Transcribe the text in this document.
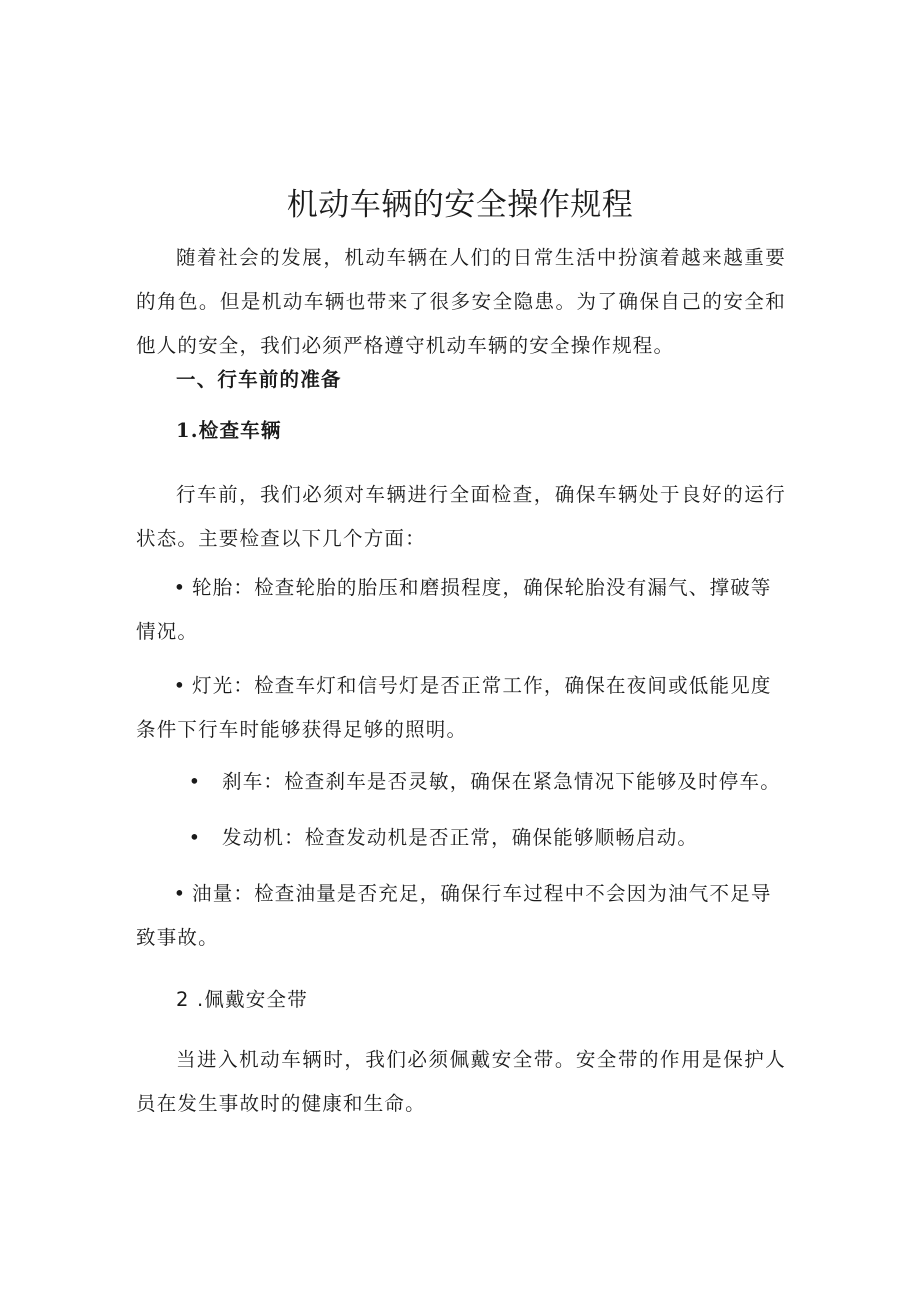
机动车辆的安全操作规程

随着社会的发展，机动车辆在人们的日常生活中扮演着越来越重要的角色。但是机动车辆也带来了很多安全隐患。为了确保自己的安全和他人的安全，我们必须严格遵守机动车辆的安全操作规程。

一、行车前的准备

1.检查车辆

行车前，我们必须对车辆进行全面检查，确保车辆处于良好的运行状态。主要检查以下几个方面：

• 轮胎：检查轮胎的胎压和磨损程度，确保轮胎没有漏气、撑破等情况。

• 灯光：检查车灯和信号灯是否正常工作，确保在夜间或低能见度条件下行车时能够获得足够的照明。

• 刹车：检查刹车是否灵敏，确保在紧急情况下能够及时停车。

• 发动机：检查发动机是否正常，确保能够顺畅启动。

• 油量：检查油量是否充足，确保行车过程中不会因为油气不足导致事故。

2 .佩戴安全带

当进入机动车辆时，我们必须佩戴安全带。安全带的作用是保护人员在发生事故时的健康和生命。
